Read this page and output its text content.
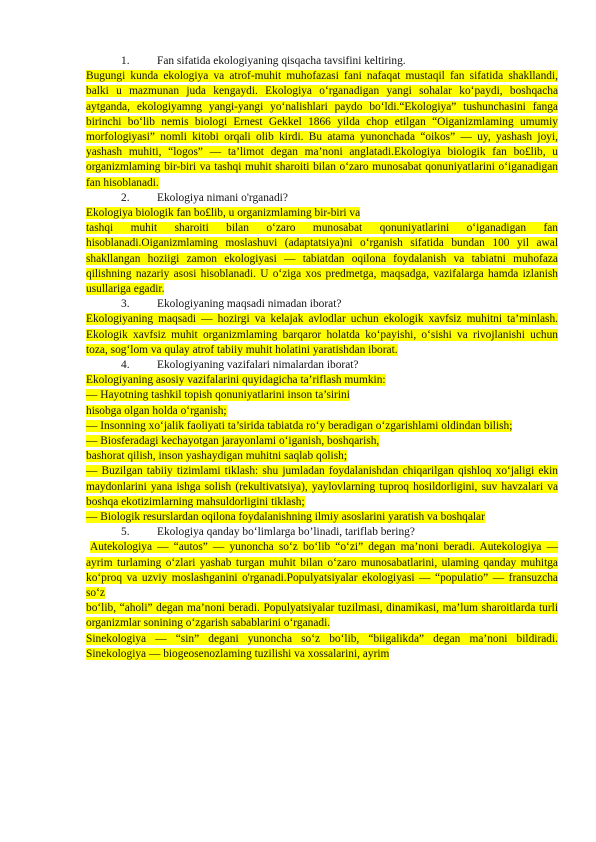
1.	Fan sifatida ekologiyaning qisqacha tavsifini keltiring.

Bugungi kunda ekologiya va atrof-muhit muhofazasi fani nafaqat mustaqil fan sifatida shakllandi, balki u mazmunan juda kengaydi. Ekologiya o‘rganadigan yangi sohalar ko‘paydi, boshqacha aytganda, ekologiyamng yangi-yangi yo‘nalishlari paydo bo‘ldi.“Ekologiya” tushunchasini fanga birinchi bo‘lib nemis biologi Ernest Gekkel 1866 yilda chop etilgan “Oiganizmlaming umumiy morfologiyasi” nomli kitobi orqali olib kirdi. Bu atama yunonchada “oikos” — uy, yashash joyi, yashash muhiti, “logos” — ta’limot degan ma’noni anglatadi.Ekologiya biologik fan bo£lib, u organizmlaming bir-biri va tashqi muhit sharoiti bilan o‘zaro munosabat qonuniyatlarini o‘iganadigan fan hisoblanadi.

2.	Ekologiya nimani o'rganadi?

Ekologiya biologik fan bo£lib, u organizmlaming bir-biri va

tashqi muhit sharoiti bilan o‘zaro munosabat qonuniyatlarini o‘iganadigan fan hisoblanadi.Oiganizmlaming moslashuvi (adaptatsiya)ni o‘rganish sifatida bundan 100 yil awal shakllangan hoziigi zamon ekologiyasi — tabiatdan oqilona foydalanish va tabiatni muhofaza qilishning nazariy asosi hisoblanadi. U o‘ziga xos predmetga, maqsadga, vazifalarga hamda izlanish usullariga egadir.

3.	Ekologiyaning maqsadi nimadan iborat?

Ekologiyaning maqsadi — hozirgi va kelajak avlodlar uchun ekologik xavfsiz muhitni ta’minlash. Ekologik xavfsiz muhit organizmlaming barqaror holatda ko‘payishi, o‘sishi va rivojlanishi uchun toza, sog‘lom va qulay atrof tabiiy muhit holatini yaratishdan iborat.

4.	Ekologiyaning vazifalari nimalardan iborat?

Ekologiyaning asosiy vazifalarini quyidagicha ta’riflash mumkin:

— Hayotning tashkil topish qonuniyatlarini inson ta’sirini

hisobga olgan holda o‘rganish;

— Insonning xo‘jalik faoliyati ta’sirida tabiatda ro‘y beradigan o‘zgarishlami oldindan bilish;

— Biosferadagi kechayotgan jarayonlami o‘iganish, boshqarish,

bashorat qilish, inson yashaydigan muhitni saqlab qolish;

— Buzilgan tabiiy tizimlami tiklash: shu jumladan foydalanishdan chiqarilgan qishloq xo‘jaligi ekin maydonlarini yana ishga solish (rekultivatsiya), yaylovlarning tuproq hosildorligini, suv havzalari va boshqa ekotizimlarning mahsuldorligini tiklash;

— Biologik resurslardan oqilona foydalanishning ilmiy asoslarini yaratish va boshqalar

5.	Ekologiya qanday bo‘limlarga bo’linadi, tariflab bering?

Autekologiya — “autos” — yunoncha so‘z bo‘lib “o‘zi” degan ma’noni beradi. Autekologiya — ayrim turlaming o‘zlari yashab turgan muhit bilan o‘zaro munosabatlarini, ulaming qanday muhitga ko‘proq va uzviy moslashganini o'rganadi.Populyatsiyalar ekologiyasi — “populatio” — fransuzcha so‘z

bo‘lib, “aholi” degan ma’noni beradi. Populyatsiyalar tuzilmasi, dinamikasi, ma’lum sharoitlarda turli organizmlar sonining o‘zgarish sabablarini o‘rganadi.

Sinekologiya — “sin” degani yunoncha so‘z bo‘lib, “biigalikda” degan ma’noni bildiradi. Sinekologiya — biogeosenozlaming tuzilishi va xossalarini, ayrim
